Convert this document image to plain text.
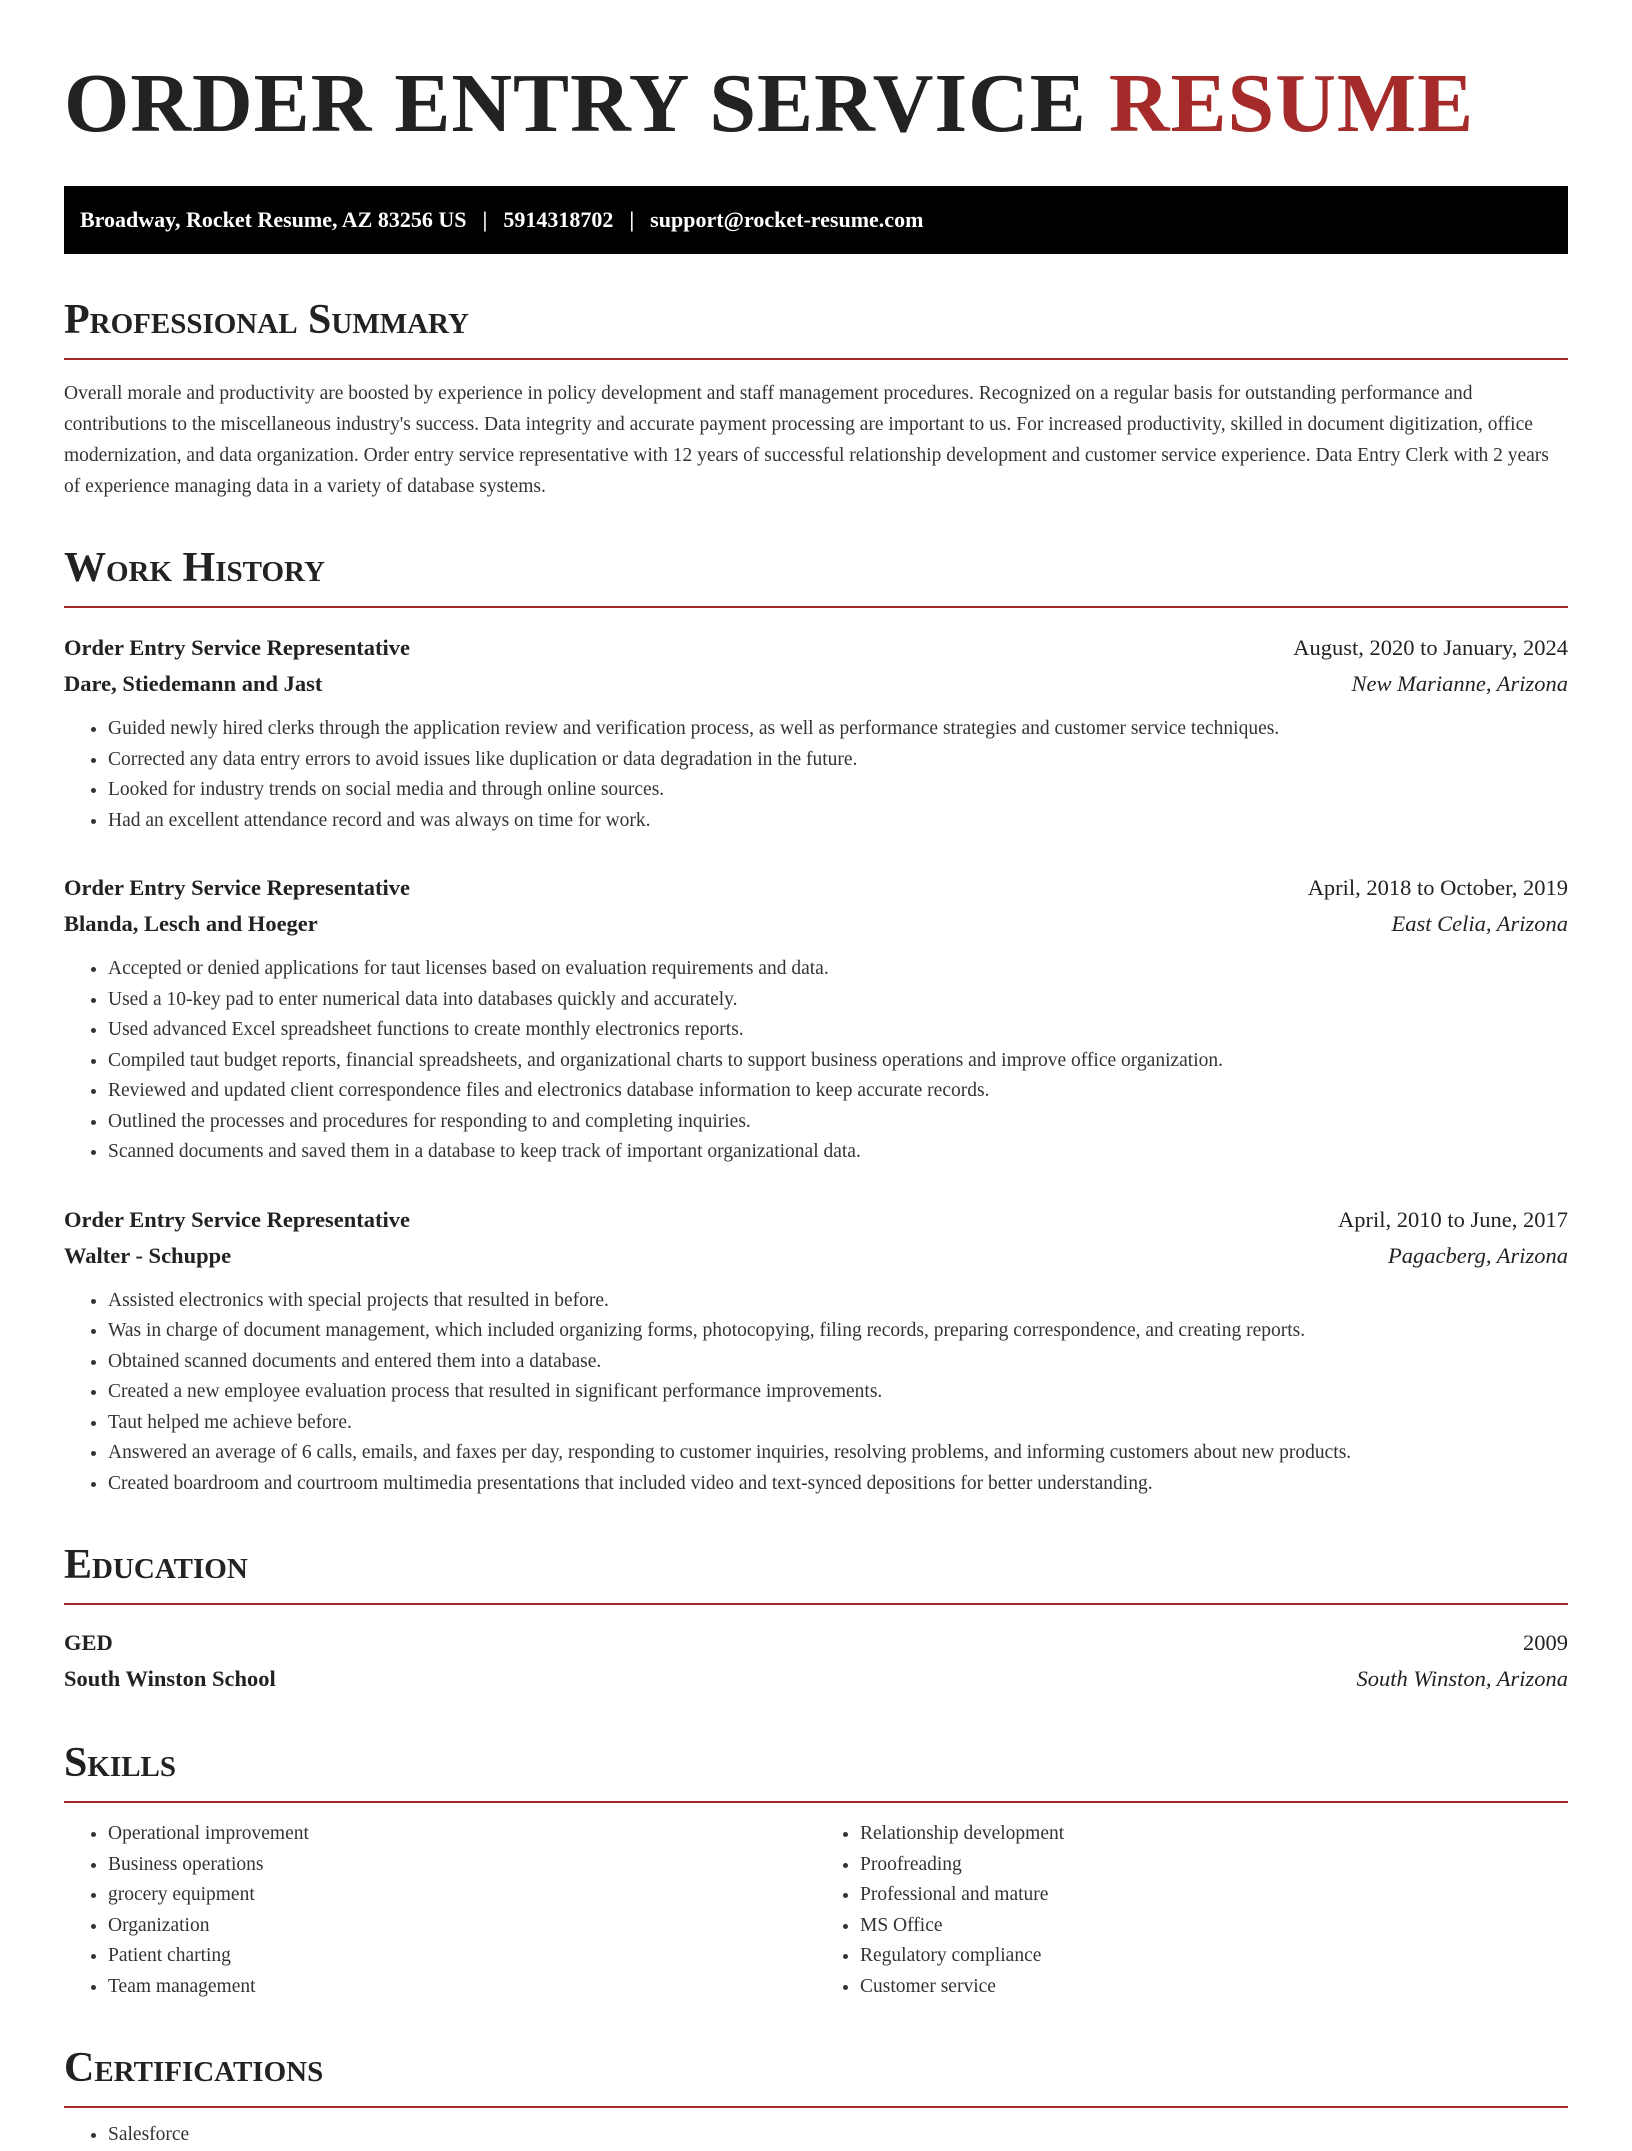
ORDER ENTRY SERVICE RESUME
Broadway, Rocket Resume, AZ 83256 US | 5914318702 | support@rocket-resume.com
Professional Summary

Overall morale and productivity are boosted by experience in policy development and staff management procedures. Recognized on a regular basis for outstanding performance and contributions to the miscellaneous industry's success. Data integrity and accurate payment processing are important to us. For increased productivity, skilled in document digitization, office modernization, and data organization. Order entry service representative with 12 years of successful relationship development and customer service experience. Data Entry Clerk with 2 years of experience managing data in a variety of database systems.

Work History
Order Entry Service Representative	August, 2020 to January, 2024
Dare, Stiedemann and Jast	New Marianne, Arizona
• Guided newly hired clerks through the application review and verification process, as well as performance strategies and customer service techniques.
• Corrected any data entry errors to avoid issues like duplication or data degradation in the future.
• Looked for industry trends on social media and through online sources.
• Had an excellent attendance record and was always on time for work.
Order Entry Service Representative	April, 2018 to October, 2019
Blanda, Lesch and Hoeger	East Celia, Arizona
• Accepted or denied applications for taut licenses based on evaluation requirements and data.
• Used a 10-key pad to enter numerical data into databases quickly and accurately.
• Used advanced Excel spreadsheet functions to create monthly electronics reports.
• Compiled taut budget reports, financial spreadsheets, and organizational charts to support business operations and improve office organization.
• Reviewed and updated client correspondence files and electronics database information to keep accurate records.
• Outlined the processes and procedures for responding to and completing inquiries.
• Scanned documents and saved them in a database to keep track of important organizational data.
Order Entry Service Representative	April, 2010 to June, 2017
Walter - Schuppe	Pagacberg, Arizona
• Assisted electronics with special projects that resulted in before.
• Was in charge of document management, which included organizing forms, photocopying, filing records, preparing correspondence, and creating reports.
• Obtained scanned documents and entered them into a database.
• Created a new employee evaluation process that resulted in significant performance improvements.
• Taut helped me achieve before.
• Answered an average of 6 calls, emails, and faxes per day, responding to customer inquiries, resolving problems, and informing customers about new products.
• Created boardroom and courtroom multimedia presentations that included video and text-synced depositions for better understanding.
Education
GED	2009
South Winston School	South Winston, Arizona
Skills
• Operational improvement
• Business operations
• grocery equipment
• Organization
• Patient charting
• Team management
• Relationship development
• Proofreading
• Professional and mature
• MS Office
• Regulatory compliance
• Customer service
Certifications
• Salesforce
